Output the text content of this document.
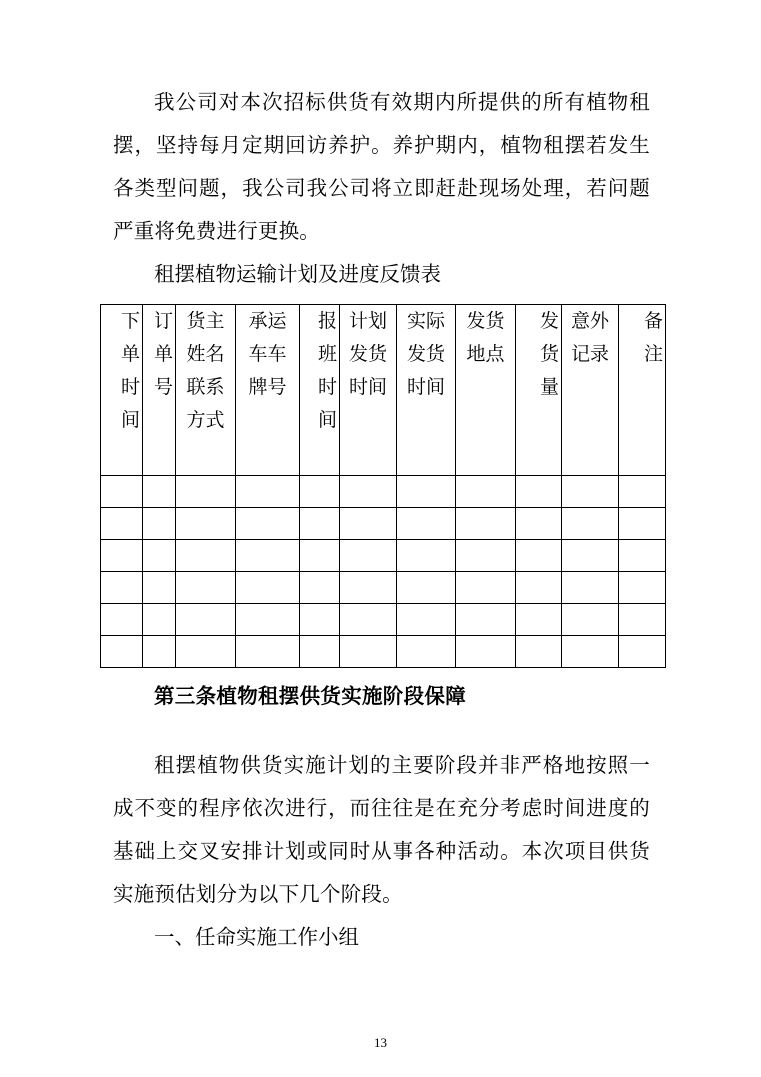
我公司对本次招标供货有效期内所提供的所有植物租摆，坚持每月定期回访养护。养护期内，植物租摆若发生各类型问题，我公司我公司将立即赶赴现场处理，若问题严重将免费进行更换。

租摆植物运输计划及进度反馈表

下单时间	订单号	货主姓名联系方式	承运车车牌号	报班时间	计划发货时间	实际发货时间	发货地点	发货量	意外记录	备注

第三条植物租摆供货实施阶段保障

租摆植物供货实施计划的主要阶段并非严格地按照一成不变的程序依次进行，而往往是在充分考虑时间进度的基础上交叉安排计划或同时从事各种活动。本次项目供货实施预估划分为以下几个阶段。

一、任命实施工作小组

13
